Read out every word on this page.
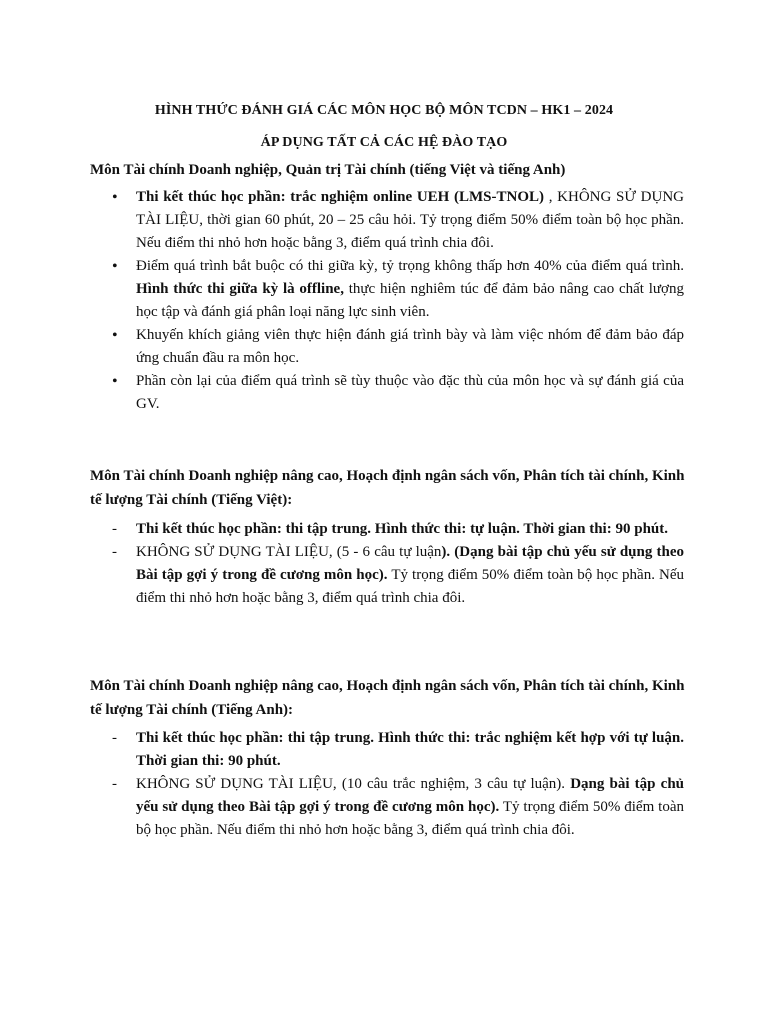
HÌNH THỨC ĐÁNH GIÁ CÁC MÔN HỌC BỘ MÔN TCDN – HK1 – 2024
ÁP DỤNG TẤT CẢ CÁC HỆ ĐÀO TẠO
Môn Tài chính Doanh nghiệp, Quản trị Tài chính (tiếng Việt và tiếng Anh)
• Thi kết thúc học phần: trắc nghiệm online UEH (LMS-TNOL) , KHÔNG SỬ DỤNG TÀI LIỆU, thời gian 60 phút, 20 – 25 câu hỏi. Tỷ trọng điểm 50% điểm toàn bộ học phần. Nếu điểm thi nhỏ hơn hoặc bằng 3, điểm quá trình chia đôi.
• Điểm quá trình bắt buộc có thi giữa kỳ, tỷ trọng không thấp hơn 40% của điểm quá trình. Hình thức thi giữa kỳ là offline, thực hiện nghiêm túc để đảm bảo nâng cao chất lượng học tập và đánh giá phân loại năng lực sinh viên.
• Khuyến khích giảng viên thực hiện đánh giá trình bày và làm việc nhóm để đảm bảo đáp ứng chuẩn đầu ra môn học.
• Phần còn lại của điểm quá trình sẽ tùy thuộc vào đặc thù của môn học và sự đánh giá của GV.
Môn Tài chính Doanh nghiệp nâng cao, Hoạch định ngân sách vốn, Phân tích tài chính, Kinh tế lượng Tài chính (Tiếng Việt):
- Thi kết thúc học phần: thi tập trung. Hình thức thi: tự luận. Thời gian thi: 90 phút.
- KHÔNG SỬ DỤNG TÀI LIỆU, (5 - 6 câu tự luận). (Dạng bài tập chủ yếu sử dụng theo Bài tập gợi ý trong đề cương môn học). Tỷ trọng điểm 50% điểm toàn bộ học phần. Nếu điểm thi nhỏ hơn hoặc bằng 3, điểm quá trình chia đôi.
Môn Tài chính Doanh nghiệp nâng cao, Hoạch định ngân sách vốn, Phân tích tài chính, Kinh tế lượng Tài chính (Tiếng Anh):
- Thi kết thúc học phần: thi tập trung. Hình thức thi: trắc nghiệm kết hợp với tự luận. Thời gian thi: 90 phút.
- KHÔNG SỬ DỤNG TÀI LIỆU, (10 câu trắc nghiệm, 3 câu tự luận). Dạng bài tập chủ yếu sử dụng theo Bài tập gợi ý trong đề cương môn học). Tỷ trọng điểm 50% điểm toàn bộ học phần. Nếu điểm thi nhỏ hơn hoặc bằng 3, điểm quá trình chia đôi.
